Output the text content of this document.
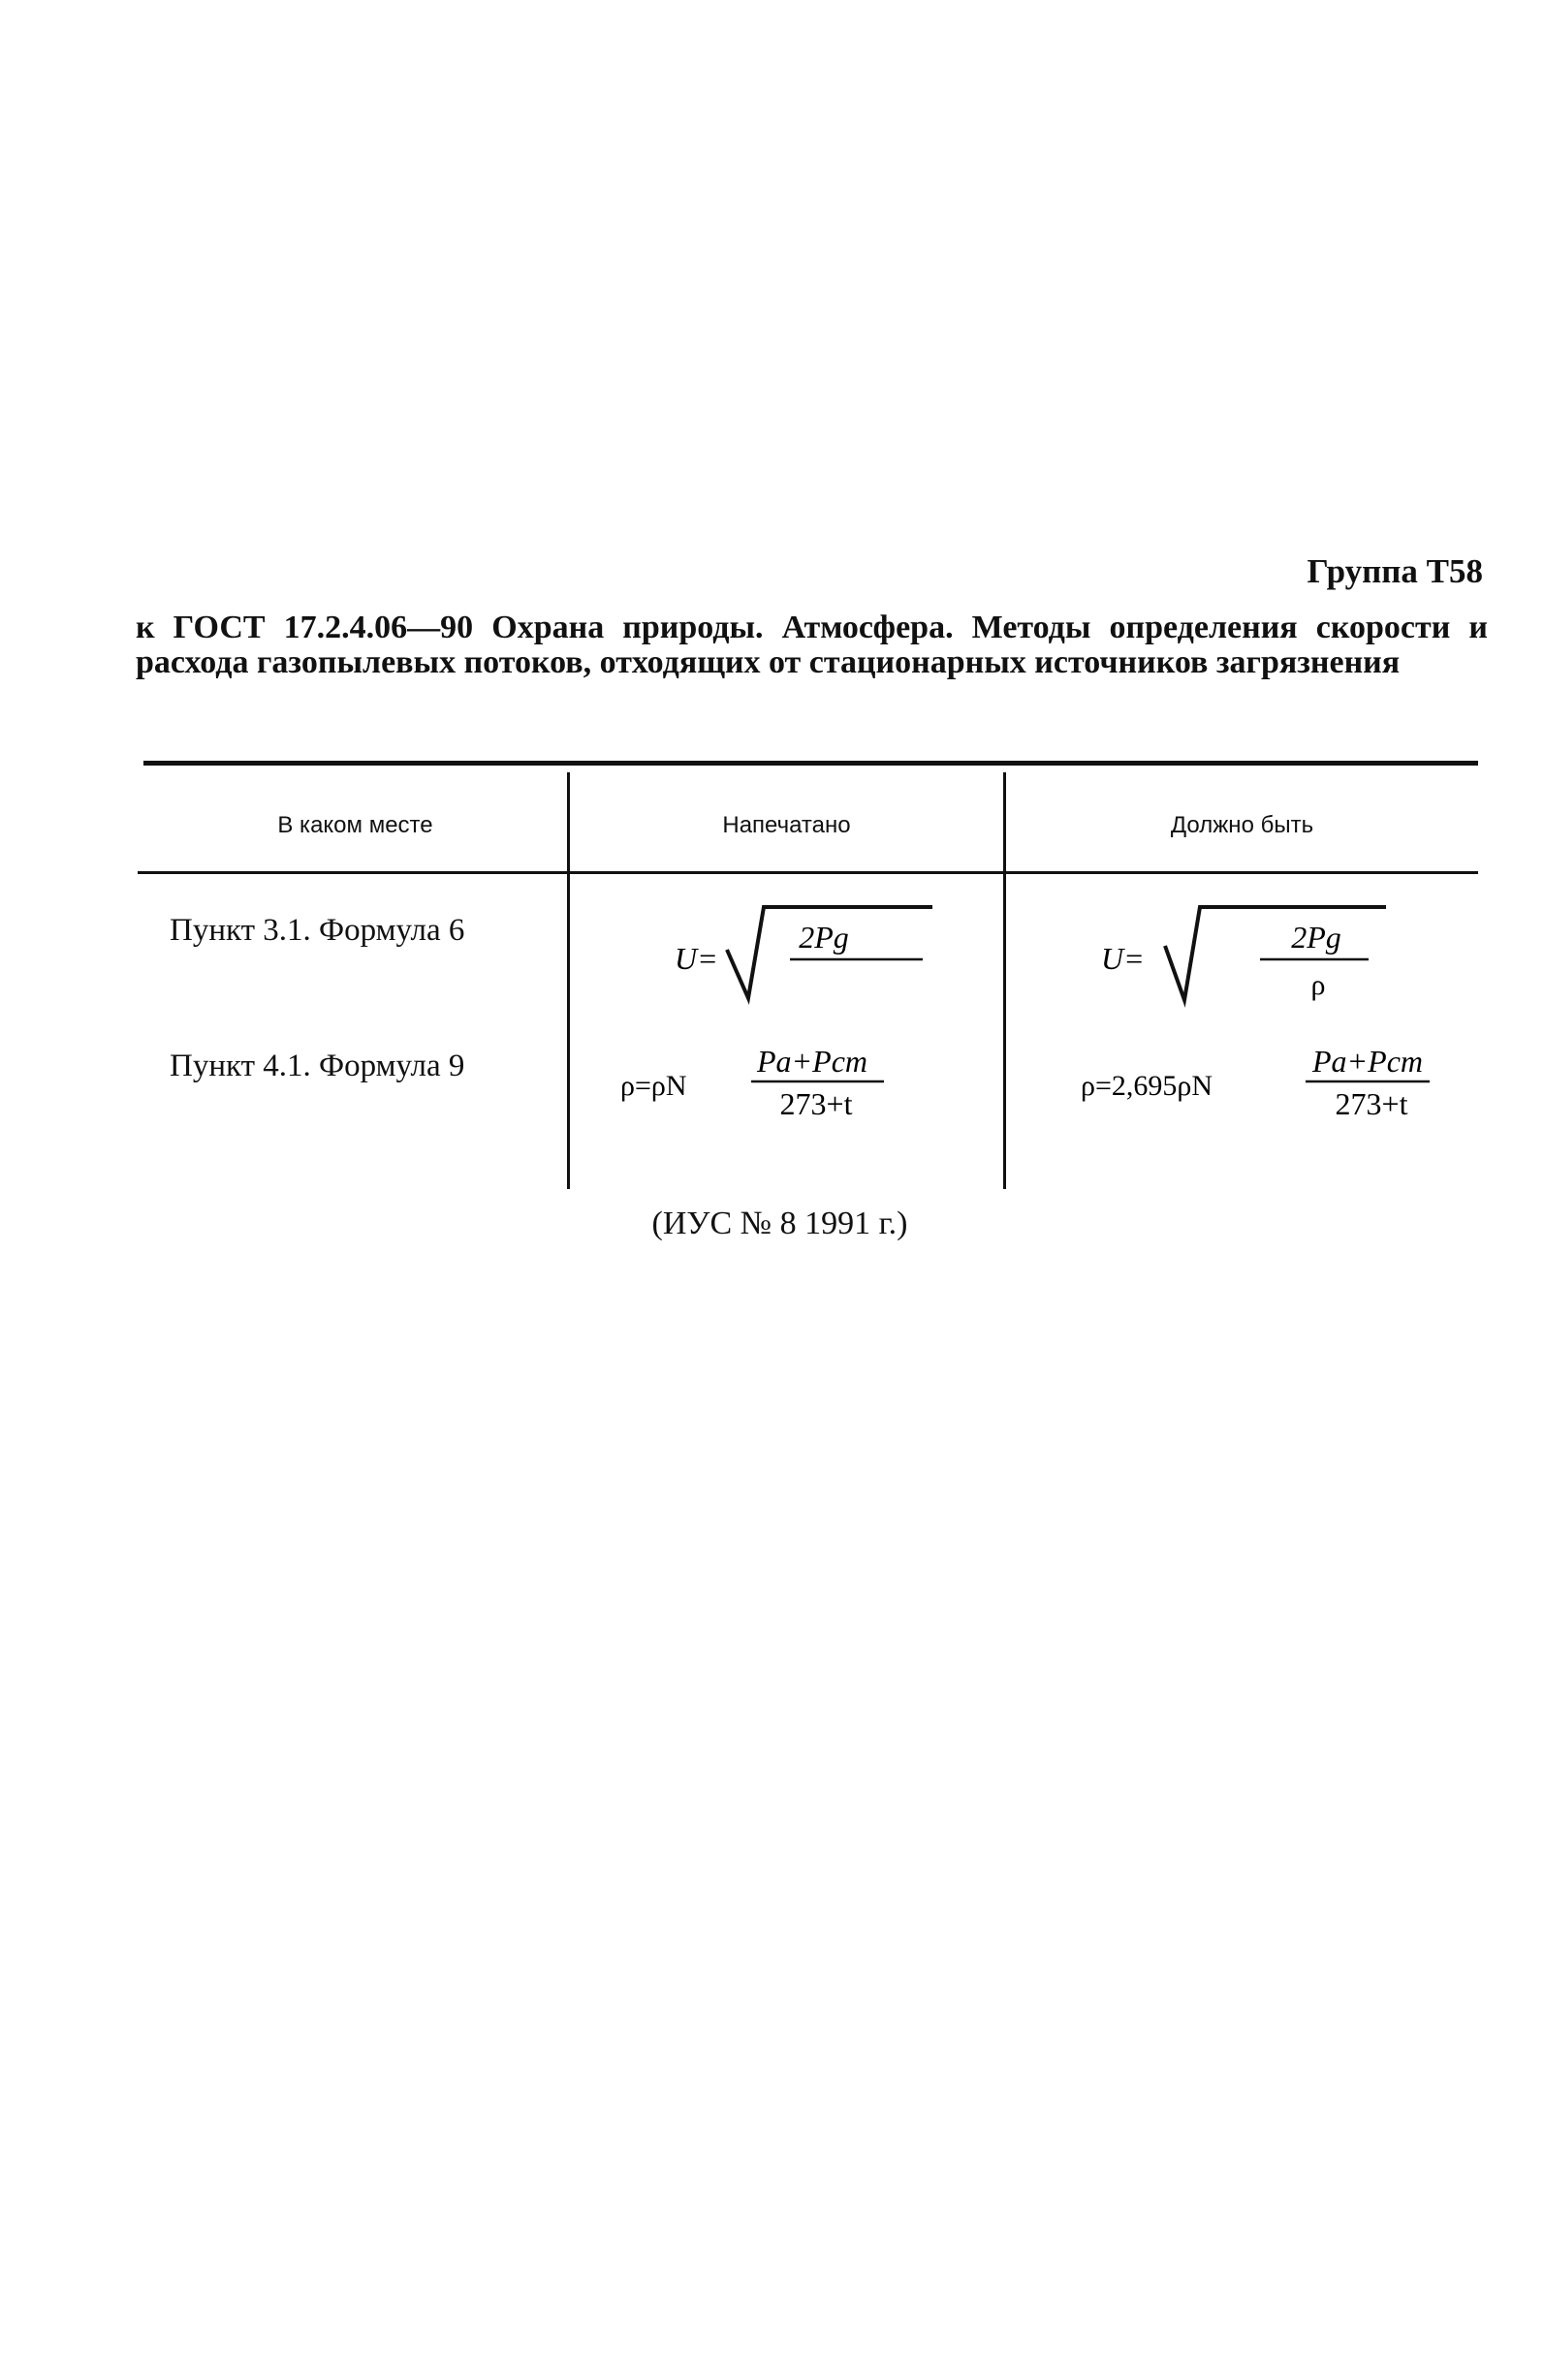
Группа Т58
к ГОСТ 17.2.4.06—90 Охрана природы. Атмосфера. Методы определения скорости и расхода газопылевых потоков, отходящих от стационарных источников загрязнения
В каком месте	Напечатано	Должно быть
Пункт 3.1. Формула 6
Пункт 4.1. Формула 9
U=
2Pg
U=
2Pg
ρ
ρ=ρN
Pa+Pст
273+t
ρ=2,695ρN
Pa+Pст
273+t
(ИУС № 8 1991 г.)
